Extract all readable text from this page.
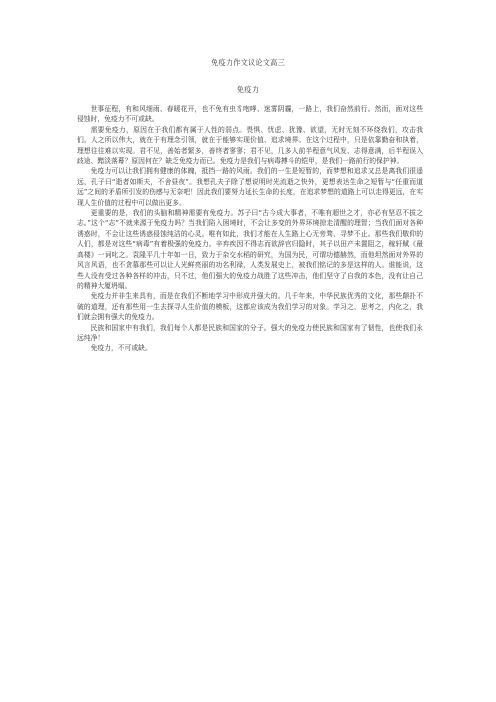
免疫力作文议论文高三
免疫力

世事征程，有和风细雨、春暖花开，也不免有虫豸咆哮、迷雾阴霾，一路上，我们奋然前行。然而，面对这些侵蚀时，免疫力不可或缺。

需要免疫力，原因在于我们都有属于人性的弱点。畏惧、忧虑、犹豫、欲望，无时无刻不环绕我们，攻击我们。人之所以伟大，就在于有理念引领，就在于能够实现价值、追求境界。在这个过程中，只是依靠勤奋和执着，理想往往难以实现。君不见，善始者繁多，善终者寥寥；君不见，几多人前半程意气风发、志得意满，后半程误入歧途、黯淡落幕？原因何在？缺乏免疫力而已。免疫力是我们与病毒搏斗的铠甲，是我们一路前行的保护神。

免疫力可以让我们拥有健康的体魄，抵挡一路的风雨。我们的一生是短暂的，而梦想和追求又总是离我们很遥远，孔子曰“逝者如斯夫，不舍昼夜”。我想孔夫子除了想说明时光流逝之快外，更想表达生命之短暂与“任重而道远”之间的矛盾所引发的伤感与无奈吧！因此我们要努力延长生命的长度，在追求梦想的道路上可以走得更远，在实现人生价值的过程中可以做出更多。

更重要的是，我们的头脑和精神需要有免疫力。苏子曰“古今成大事者，不唯有超世之才，亦必有坚忍不拔之志。”这个“志”不就来源于免疫力吗？当我们陷入困境时，不会让多变的外界环境掠走清醒的理智；当我们面对各种诱惑时，不会让这些诱惑侵蚀纯洁的心灵。唯有如此，我们才能在人生路上心无旁骛、寻梦不止。那些我们敬仰的人们，都是对这些“病毒”有着极强的免疫力。辛弃疾因不得志而欲辞官归隐时，其子以田产未置阻之，稼轩赋《最高楼》一词叱之。袁隆平几十年如一日，致力于杂交水稻的研究，为国为民，可谓功德赫然，而他坦然面对外界的风言风语，也不贪慕那些可以让人光鲜亮丽的功名利禄，人类发展史上，被我们铭记的多是这样的人。谁能说，这些人没有受过各种各样的冲击，只不过，他们强大的免疫力战胜了这些冲击，他们坚守了自我的本色，没有让自己的精神大厦坍塌。

免疫力并非生来具有，而是在我们不断地学习中形成并强大的。几千年来，中华民族优秀的文化，那些颠扑不破的道理，还有那些用一生去探寻人生价值的模板，这都应该成为我们学习的对象。学习之、思考之，内化之，我们就会拥有强大的免疫力。

民族和国家中有我们，我们每个人都是民族和国家的分子。强大的免疫力使民族和国家有了韧性，也使我们永远纯净！

免疫力，不可或缺。
